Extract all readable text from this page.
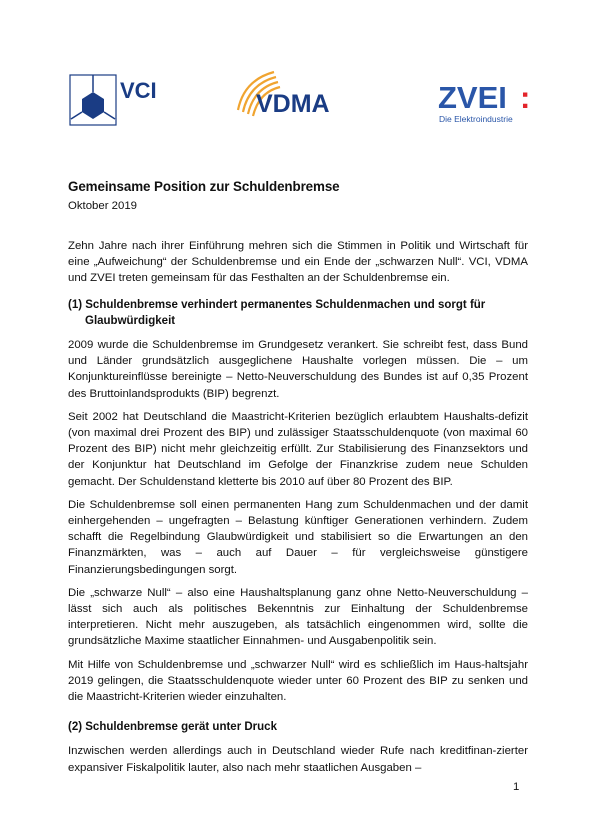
VCI	VDMA	ZVEI :
Die Elektroindustrie
Gemeinsame Position zur Schuldenbremse

Oktober 2019

Zehn Jahre nach ihrer Einführung mehren sich die Stimmen in Politik und Wirtschaft für eine „Aufweichung“ der Schuldenbremse und ein Ende der „schwarzen Null“. VCI, VDMA und ZVEI treten gemeinsam für das Festhalten an der Schuldenbremse ein.

(1) Schuldenbremse verhindert permanentes Schuldenmachen und sorgt für Glaubwürdigkeit

2009 wurde die Schuldenbremse im Grundgesetz verankert. Sie schreibt fest, dass Bund und Länder grundsätzlich ausgeglichene Haushalte vorlegen müssen. Die – um Konjunktureinflüsse bereinigte – Netto-Neuverschuldung des Bundes ist auf 0,35 Prozent des Bruttoinlandsprodukts (BIP) begrenzt.

Seit 2002 hat Deutschland die Maastricht-Kriterien bezüglich erlaubtem Haushalts-defizit (von maximal drei Prozent des BIP) und zulässiger Staatsschuldenquote (von maximal 60 Prozent des BIP) nicht mehr gleichzeitig erfüllt. Zur Stabilisierung des Finanzsektors und der Konjunktur hat Deutschland im Gefolge der Finanzkrise zudem neue Schulden gemacht. Der Schuldenstand kletterte bis 2010 auf über 80 Prozent des BIP.

Die Schuldenbremse soll einen permanenten Hang zum Schuldenmachen und der damit einhergehenden – ungefragten – Belastung künftiger Generationen verhindern. Zudem schafft die Regelbindung Glaubwürdigkeit und stabilisiert so die Erwartungen an den Finanzmärkten, was – auch auf Dauer – für vergleichsweise günstigere Finanzierungsbedingungen sorgt.

Die „schwarze Null“ – also eine Haushaltsplanung ganz ohne Netto-Neuverschuldung – lässt sich auch als politisches Bekenntnis zur Einhaltung der Schuldenbremse interpretieren. Nicht mehr auszugeben, als tatsächlich eingenommen wird, sollte die grundsätzliche Maxime staatlicher Einnahmen- und Ausgabenpolitik sein.

Mit Hilfe von Schuldenbremse und „schwarzer Null“ wird es schließlich im Haus-haltsjahr 2019 gelingen, die Staatsschuldenquote wieder unter 60 Prozent des BIP zu senken und die Maastricht-Kriterien wieder einzuhalten.

(2) Schuldenbremse gerät unter Druck

Inzwischen werden allerdings auch in Deutschland wieder Rufe nach kreditfinan-zierter expansiver Fiskalpolitik lauter, also nach mehr staatlichen Ausgaben –

1
